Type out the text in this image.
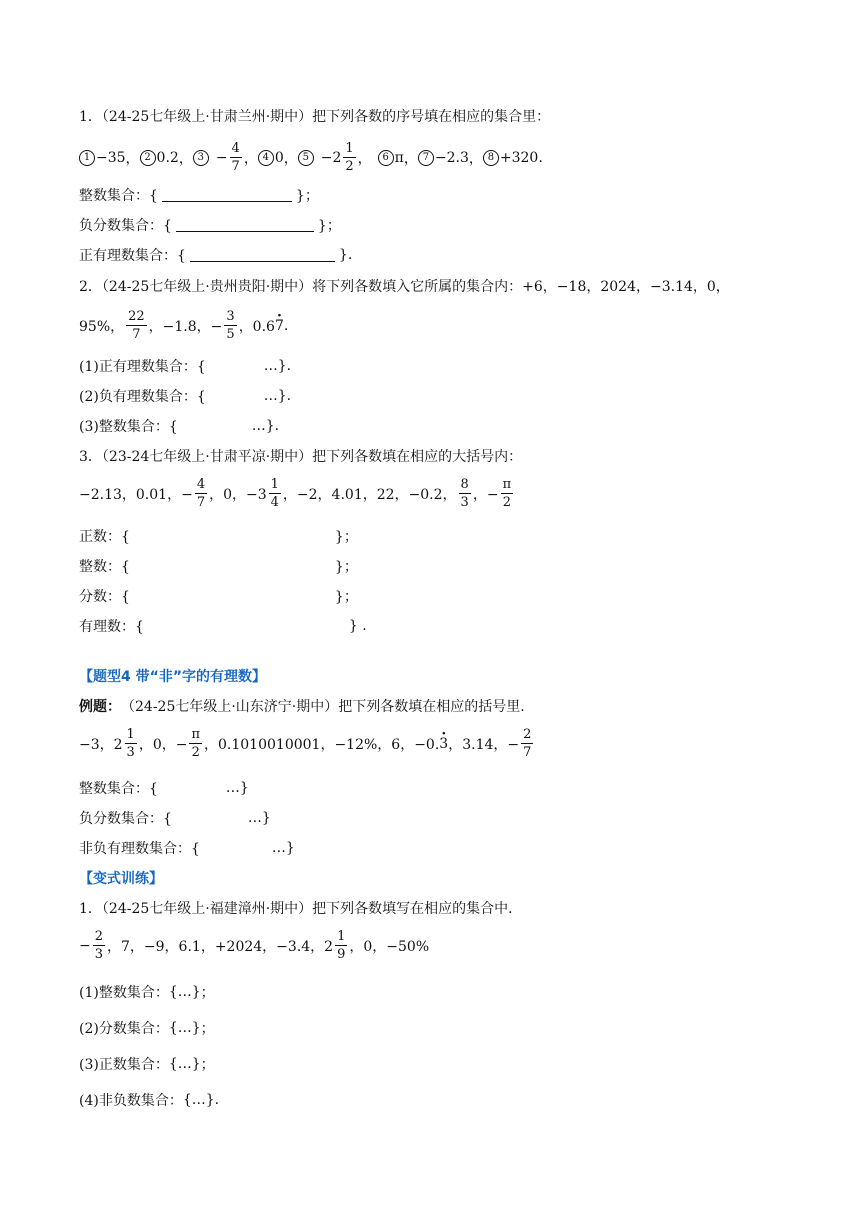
1．（24-25七年级上·甘肃兰州·期中）把下列各数的序号填在相应的集合里：
1 −35 ， 2 0.2 ， $3 - \frac{4}{7}$ ， 4 0 ， $5 -2 \frac{1}{2}$ ，	6 π ， 7 −2.3 ， 8 +320 .
整数集合：{	}；
负分数集合：{	}；
正有理数集合：{	}.
2．（24-25七年级上·贵州贵阳·期中）将下列各数填入它所属的集合内：+6，−18，2024，−3.14，0，
95%， $\frac{22}{7}$ ，−1.8，− $\frac{3}{5}$ ，0.6 7 · .
(1)正有理数集合：{	…}.
(2)负有理数集合：{	…}.
(3)整数集合：{	…}.
3．（23-24七年级上·甘肃平凉·期中）把下列各数填在相应的大括号内：
−2.13，0.01，− $\frac{4}{7}$ ，0，$-3 \frac{1}{4}$ ，−2，4.01，22，−0.2， $\frac{8}{3}$ ，− $\frac{\pi}{2}$
正数：{	}；
整数：{	}；
分数：{	}；
有理数：{	} .
【题型4 带“非”字的有理数】
例题： （24-25七年级上·山东济宁·期中）把下列各数填在相应的括号里.
−3，$2 \frac{1}{3}$ ，0，− $\frac{\pi}{2}$ ，0.1010010001，−12%，6，−0. 3 · ，3.14，− $\frac{2}{7}$
整数集合：{	…}
负分数集合：{	…}
非负有理数集合：{	…}
【变式训练】
1．（24-25七年级上·福建漳州·期中）把下列各数填写在相应的集合中.
− $\frac{2}{3}$ ，7，−9，6.1，+2024，−3.4，$2 \frac{1}{9}$ ，0，−50%
(1)整数集合： {…} ；
(2)分数集合： {…} ；
(3)正数集合： {…} ；
(4)非负数集合： {…} .
